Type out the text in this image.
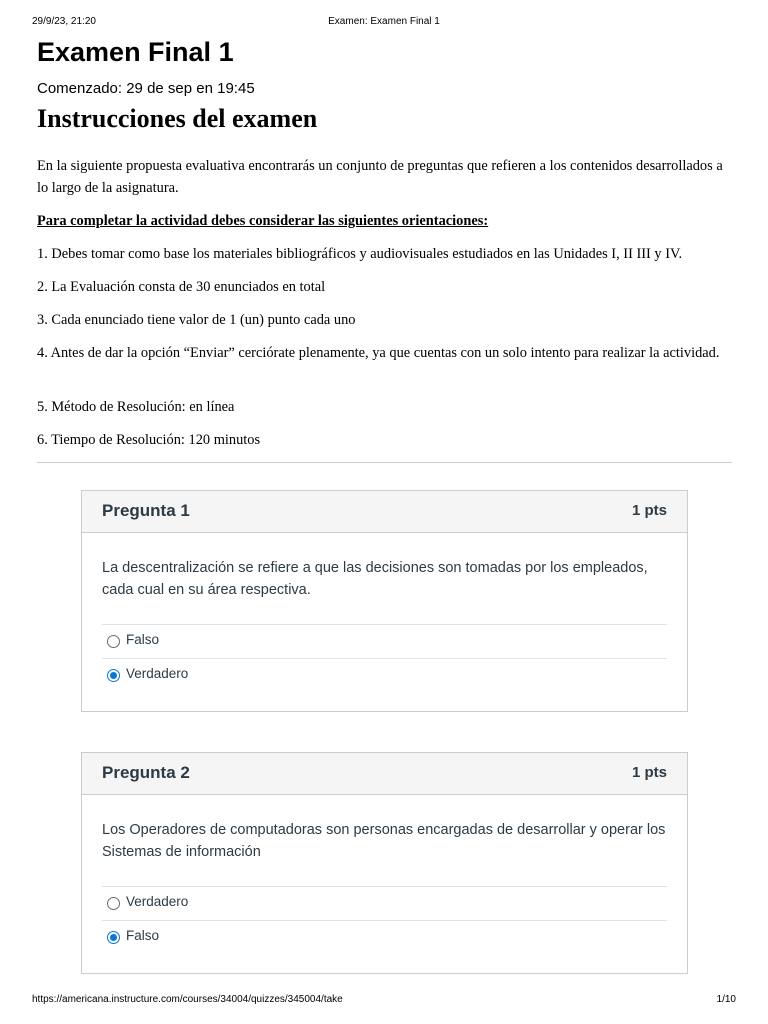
29/9/23, 21:20	Examen: Examen Final 1
Examen Final 1
Comenzado: 29 de sep en 19:45
Instrucciones del examen

En la siguiente propuesta evaluativa encontrarás un conjunto de preguntas que refieren a los contenidos desarrollados a lo largo de la asignatura.

Para completar la actividad debes considerar las siguientes orientaciones:

1. Debes tomar como base los materiales bibliográficos y audiovisuales estudiados en las Unidades I, II III y IV.

2. La Evaluación consta de 30 enunciados en total

3. Cada enunciado tiene valor de 1 (un) punto cada uno

4. Antes de dar la opción “Enviar” cerciórate plenamente, ya que cuentas con un solo intento para realizar la actividad.

5. Método de Resolución: en línea

6. Tiempo de Resolución: 120 minutos

Pregunta 1	1 pts
La descentralización se refiere a que las decisiones son tomadas por los empleados, cada cual en su área respectiva.
Falso
Verdadero
Pregunta 2	1 pts
Los Operadores de computadoras son personas encargadas de desarrollar y operar los Sistemas de información
Verdadero
Falso
https://americana.instructure.com/courses/34004/quizzes/345004/take	1/10
